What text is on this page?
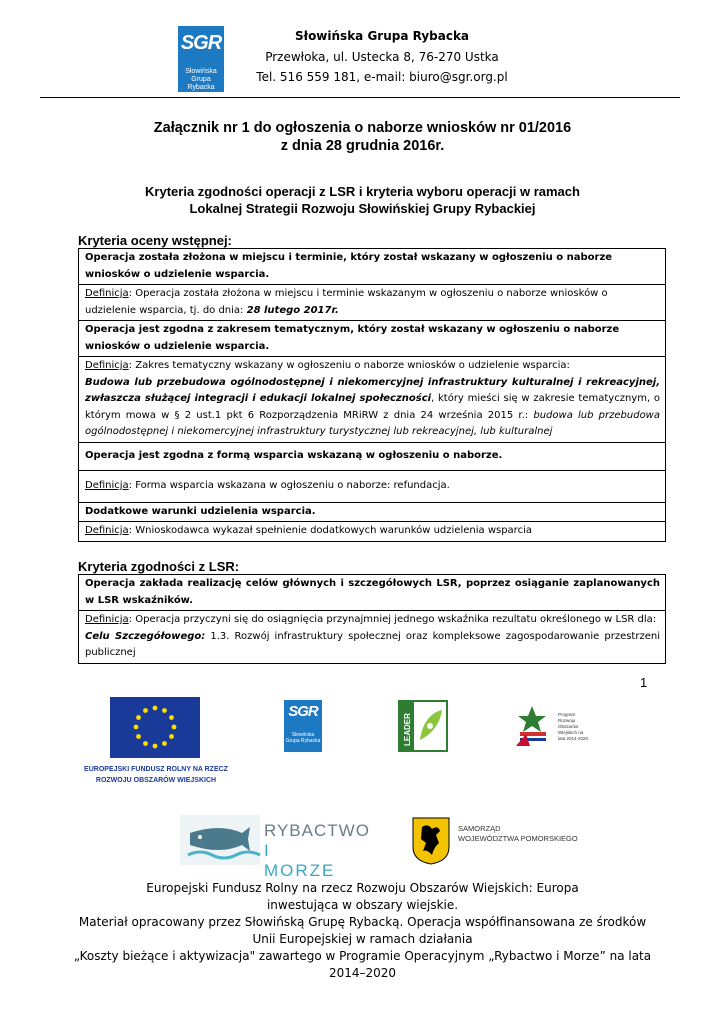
SGR
Słowińska
Grupa Rybacka
Słowińska Grupa Rybacka
Przewłoka, ul. Ustecka 8, 76-270 Ustka
Tel. 516 559 181, e-mail: biuro@sgr.org.pl
Załącznik nr 1 do ogłoszenia o naborze wniosków nr 01/2016
z dnia 28 grudnia 2016r.
Kryteria zgodności operacji z LSR i kryteria wyboru operacji w ramach
Lokalnej Strategii Rozwoju Słowińskiej Grupy Rybackiej
Kryteria oceny wstępnej:
Operacja została złożona w miejscu i terminie, który został wskazany w ogłoszeniu o naborze wniosków o udzielenie wsparcia.
Definicja: Operacja została złożona w miejscu i terminie wskazanym w ogłoszeniu o naborze wniosków o udzielenie wsparcia, tj. do dnia: 28 lutego 2017r.
Operacja jest zgodna z zakresem tematycznym, który został wskazany w ogłoszeniu o naborze wniosków o udzielenie wsparcia.
Definicja: Zakres tematyczny wskazany w ogłoszeniu o naborze wniosków o udzielenie wsparcia:
Budowa lub przebudowa ogólnodostępnej i niekomercyjnej infrastruktury kulturalnej i rekreacyjnej, zwłaszcza służącej integracji i edukacji lokalnej społeczności, który mieści się w zakresie tematycznym, o którym mowa w § 2 ust.1 pkt 6 Rozporządzenia MRiRW z dnia 24 września 2015 r.: budowa lub przebudowa ogólnodostępnej i niekomercyjnej infrastruktury turystycznej lub rekreacyjnej, lub kulturalnej
Operacja jest zgodna z formą wsparcia wskazaną w ogłoszeniu o naborze.
Definicja: Forma wsparcia wskazana w ogłoszeniu o naborze: refundacja.
Dodatkowe warunki udzielenia wsparcia.
Definicja: Wnioskodawca wykazał spełnienie dodatkowych warunków udzielenia wsparcia
Kryteria zgodności z LSR:
Operacja zakłada realizację celów głównych i szczegółowych LSR, poprzez osiąganie zaplanowanych w LSR wskaźników.
Definicja: Operacja przyczyni się do osiągnięcia przynajmniej jednego wskaźnika rezultatu określonego w LSR dla:
Celu Szczegółowego: 1.3. Rozwój infrastruktury społecznej oraz kompleksowe zagospodarowanie przestrzeni publicznej
1
EUROPEJSKI FUNDUSZ ROLNY NA RZECZ
ROZWOJU OBSZARÓW WIEJSKICH
SGR
Słowińska
Grupa Rybacka	LEADER	Program Rozwoju Obszarów Wiejskich na lata 2014-2020
RYBACTWO
I MORZE
SAMORZĄD
WOJEWÓDZTWA POMORSKIEGO
Europejski Fundusz Rolny na rzecz Rozwoju Obszarów Wiejskich: Europa
inwestująca w obszary wiejskie.
Materiał opracowany przez Słowińską Grupę Rybacką. Operacja współfinansowana ze środków
Unii Europejskiej w ramach działania
„Koszty bieżące i aktywizacja" zawartego w Programie Operacyjnym „Rybactwo i Morze” na lata
2014–2020
